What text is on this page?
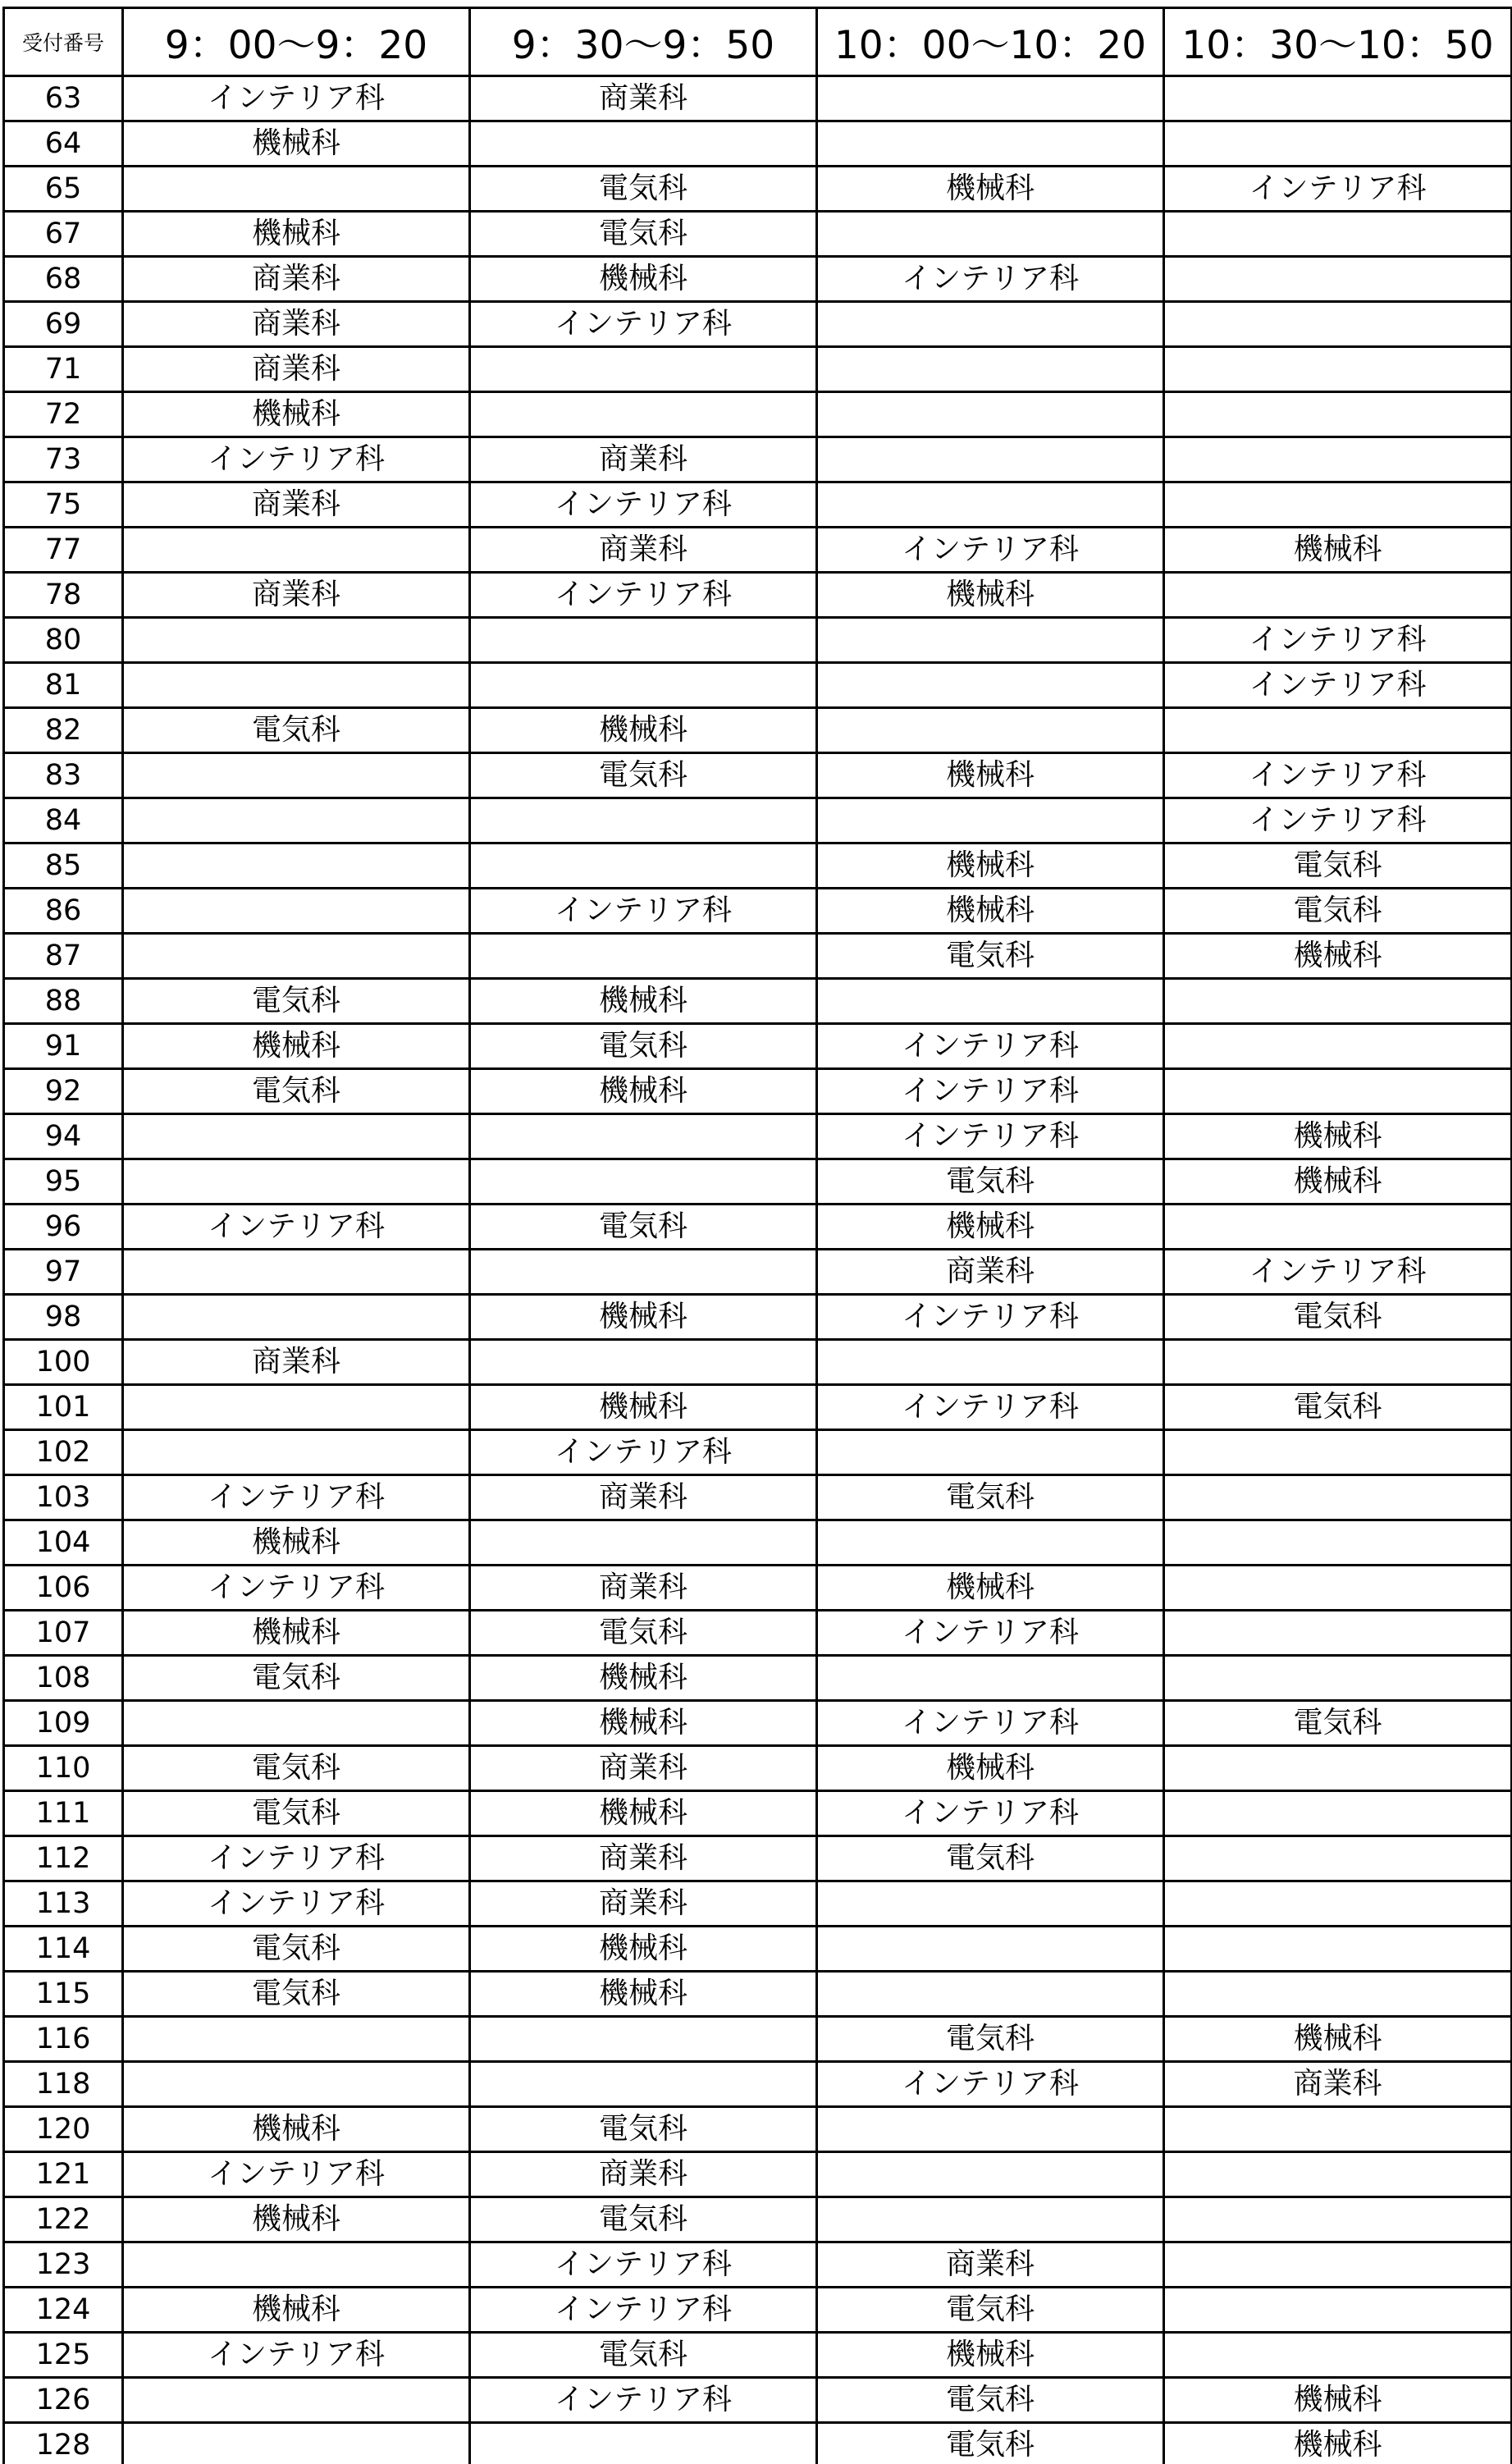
受付番号	9：00～9：20	9：30～9：50	10：00～10：20	10：30～10：50
63	インテリア科	商業科		
64	機械科			
65		電気科	機械科	インテリア科
67	機械科	電気科		
68	商業科	機械科	インテリア科	
69	商業科	インテリア科		
71	商業科			
72	機械科			
73	インテリア科	商業科		
75	商業科	インテリア科		
77		商業科	インテリア科	機械科
78	商業科	インテリア科	機械科	
80				インテリア科
81				インテリア科
82	電気科	機械科		
83		電気科	機械科	インテリア科
84				インテリア科
85			機械科	電気科
86		インテリア科	機械科	電気科
87			電気科	機械科
88	電気科	機械科		
91	機械科	電気科	インテリア科	
92	電気科	機械科	インテリア科	
94			インテリア科	機械科
95			電気科	機械科
96	インテリア科	電気科	機械科	
97			商業科	インテリア科
98		機械科	インテリア科	電気科
100	商業科			
101		機械科	インテリア科	電気科
102		インテリア科		
103	インテリア科	商業科	電気科	
104	機械科			
106	インテリア科	商業科	機械科	
107	機械科	電気科	インテリア科	
108	電気科	機械科		
109		機械科	インテリア科	電気科
110	電気科	商業科	機械科	
111	電気科	機械科	インテリア科	
112	インテリア科	商業科	電気科	
113	インテリア科	商業科		
114	電気科	機械科		
115	電気科	機械科		
116			電気科	機械科
118			インテリア科	商業科
120	機械科	電気科		
121	インテリア科	商業科		
122	機械科	電気科		
123		インテリア科	商業科	
124	機械科	インテリア科	電気科	
125	インテリア科	電気科	機械科	
126		インテリア科	電気科	機械科
128			電気科	機械科
